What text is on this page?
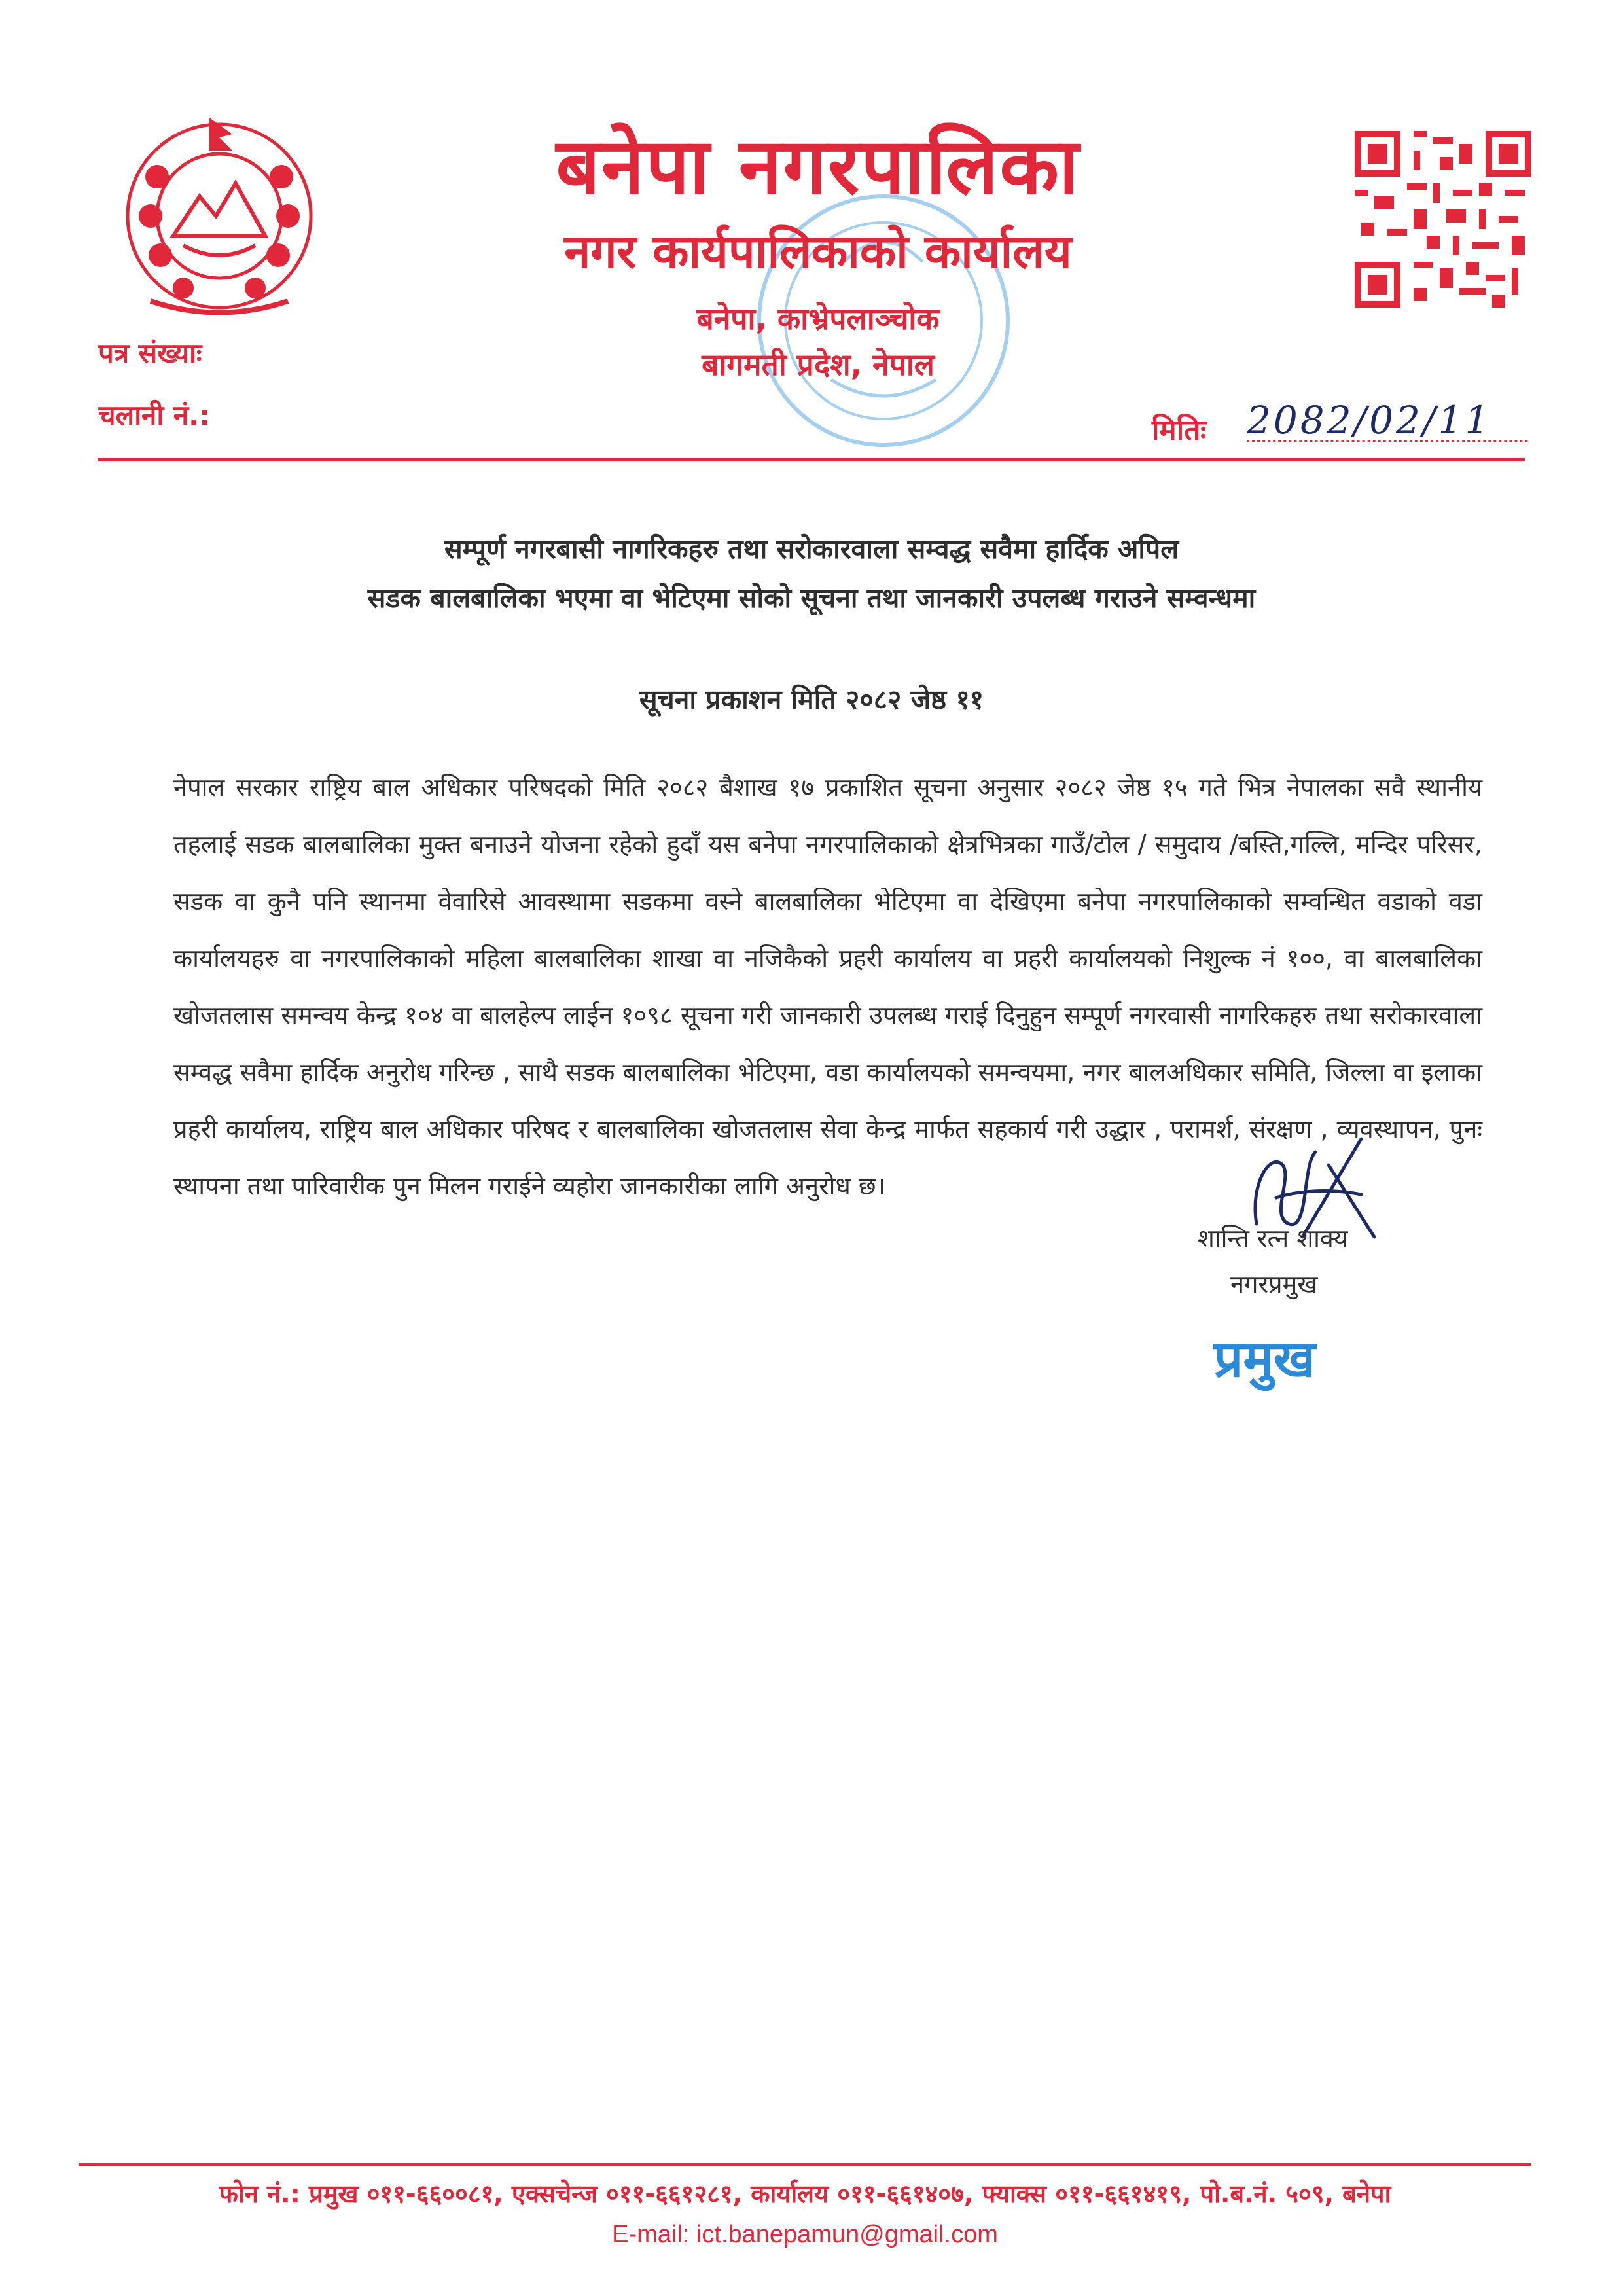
बनेपा नगरपालिका
नगर कार्यपालिकाको कार्यालय
बनेपा, काभ्रेपलाञ्चोक
बागमती प्रदेश, नेपाल
पत्र संख्याः
चलानी नं.:	मितिः 2082/02/11
सम्पूर्ण नगरबासी नागरिकहरु तथा सरोकारवाला सम्वद्ध सवैमा हार्दिक अपिल
सडक बालबालिका भएमा वा भेटिएमा सोको सूचना तथा जानकारी उपलब्ध गराउने सम्वन्धमा
सूचना प्रकाशन मिति २०८२ जेष्ठ ११
नेपाल सरकार राष्ट्रिय बाल अधिकार परिषदको मिति २०८२ बैशाख १७ प्रकाशित सूचना अनुसार २०८२ जेष्ठ १५ गते भित्र नेपालका सवै स्थानीय तहलाई सडक बालबालिका मुक्त बनाउने योजना रहेको हुदाँ यस बनेपा नगरपालिकाको क्षेत्रभित्रका गाउँ/टोल / समुदाय /बस्ति,गल्लि, मन्दिर परिसर, सडक वा कुनै पनि स्थानमा वेवारिसे आवस्थामा सडकमा वस्ने बालबालिका भेटिएमा वा देखिएमा बनेपा नगरपालिकाको सम्वन्धित वडाको वडा कार्यालयहरु वा नगरपालिकाको महिला बालबालिका शाखा वा नजिकैको प्रहरी कार्यालय वा प्रहरी कार्यालयको निशुल्क नं १००, वा बालबालिका खोजतलास समन्वय केन्द्र १०४ वा बालहेल्प लाईन १०९८ सूचना गरी जानकारी उपलब्ध गराई दिनुहुन सम्पूर्ण नगरवासी नागरिकहरु तथा सरोकारवाला सम्वद्ध सवैमा हार्दिक अनुरोध गरिन्छ , साथै सडक बालबालिका भेटिएमा, वडा कार्यालयको समन्वयमा, नगर बालअधिकार समिति, जिल्ला वा इलाका प्रहरी कार्यालय, राष्ट्रिय बाल अधिकार परिषद र बालबालिका खोजतलास सेवा केन्द्र मार्फत सहकार्य गरी उद्धार , परामर्श, संरक्षण , व्यवस्थापन, पुनः स्थापना तथा पारिवारीक पुन मिलन गराईने व्यहोरा जानकारीका लागि अनुरोध छ।
शान्ति रत्न शाक्य
नगरप्रमुख
प्रमुख
फोन नं.: प्रमुख ०११-६६००८१, एक्सचेन्ज ०११-६६१२८१, कार्यालय ०११-६६१४०७, फ्याक्स ०११-६६१४१९, पो.ब.नं. ५०९, बनेपा
E-mail: ict.banepamun@gmail.com
